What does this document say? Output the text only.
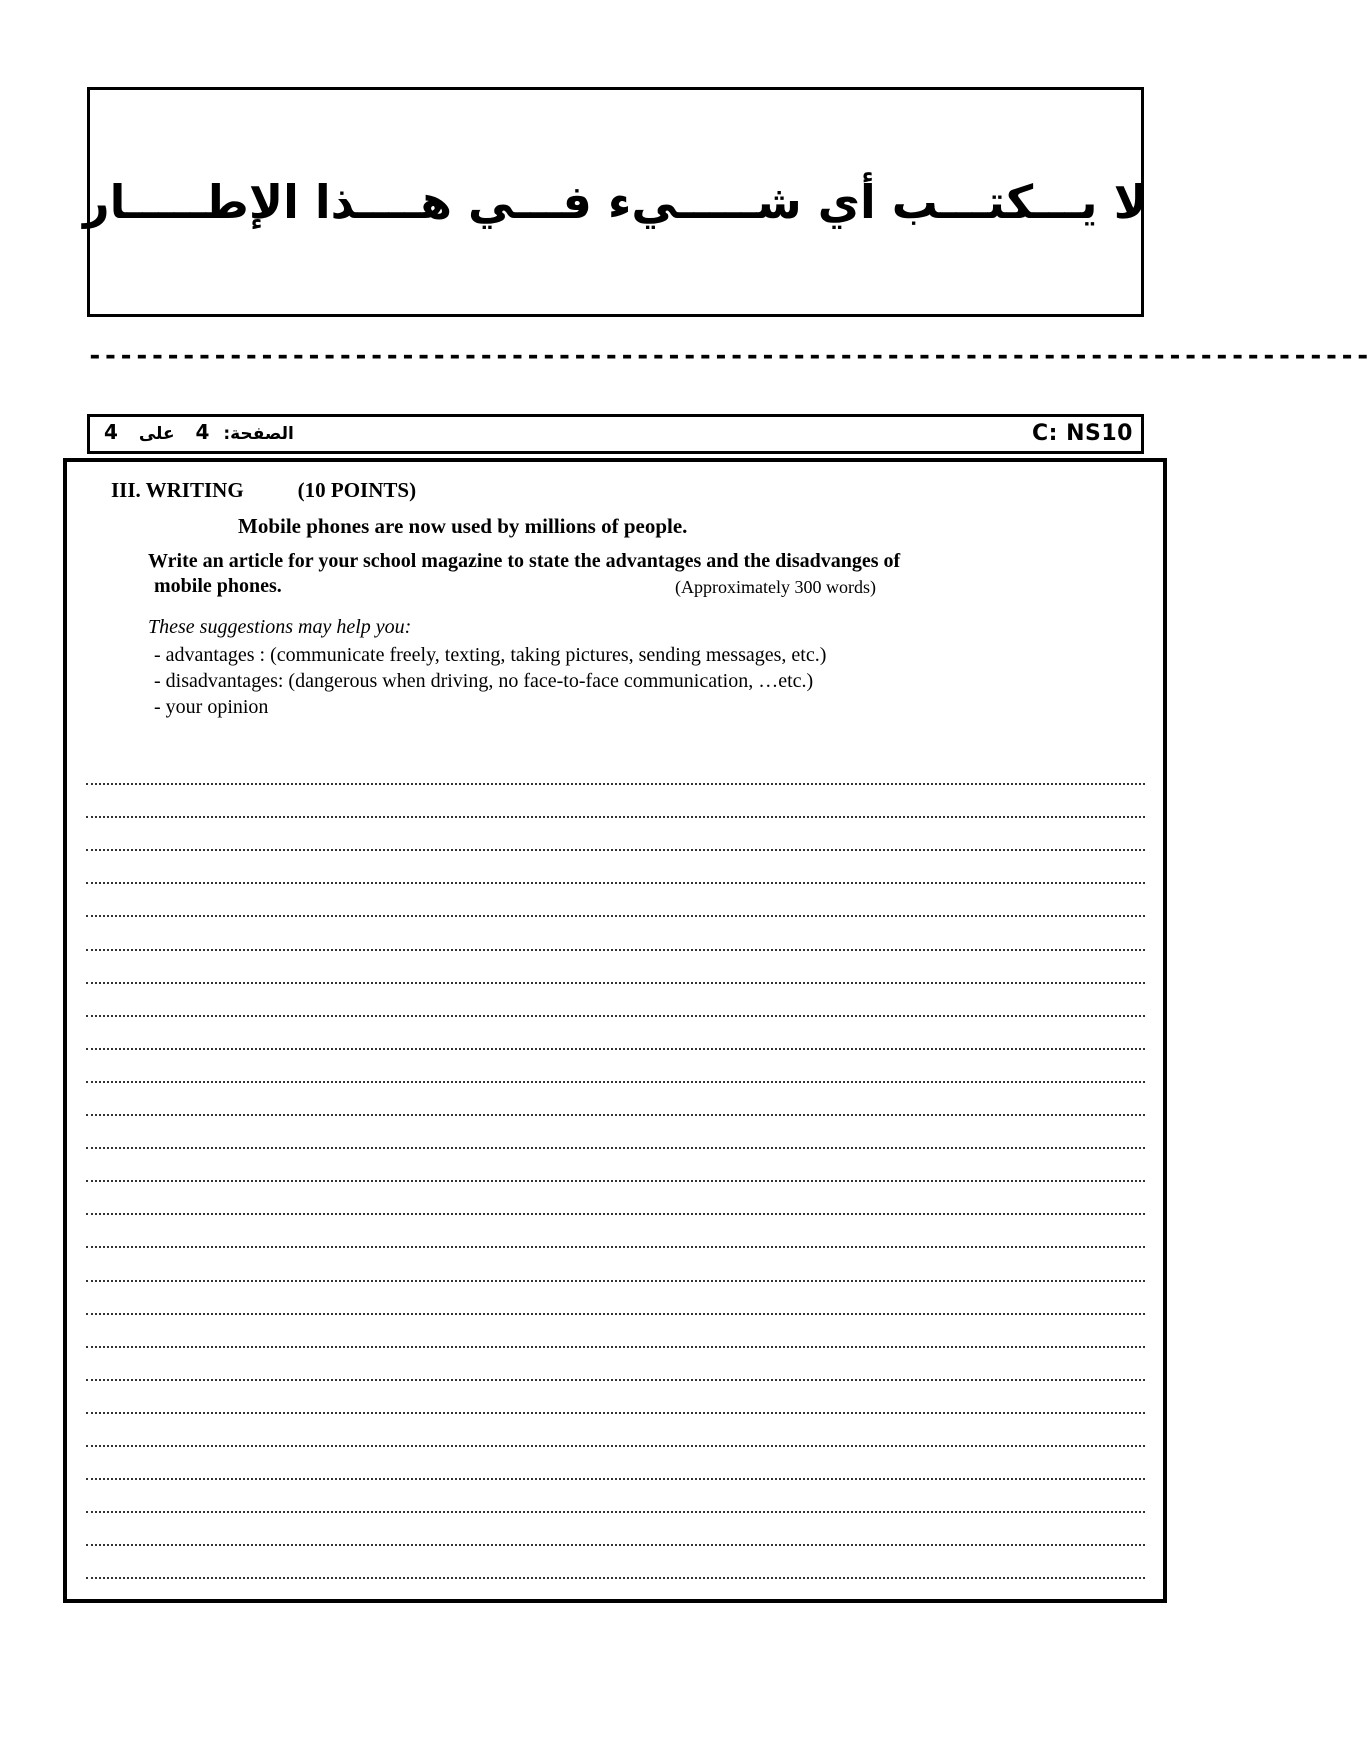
لا يـــكتـــب أي شـــــيء فـــي هــــذا الإطـــــار
----------------------------------------------------------------------------------
الصفحة:  4   على   4	C: NS10
III. WRITING	(10 POINTS)
Mobile phones are now used by millions of people.
Write an article for your school magazine to state the advantages and the disadvanges of
mobile phones.	(Approximately 300 words)
These suggestions may help you:
- advantages : (communicate freely, texting, taking pictures, sending messages, etc.)
- disadvantages: (dangerous when driving, no face-to-face communication, …etc.)
- your opinion
